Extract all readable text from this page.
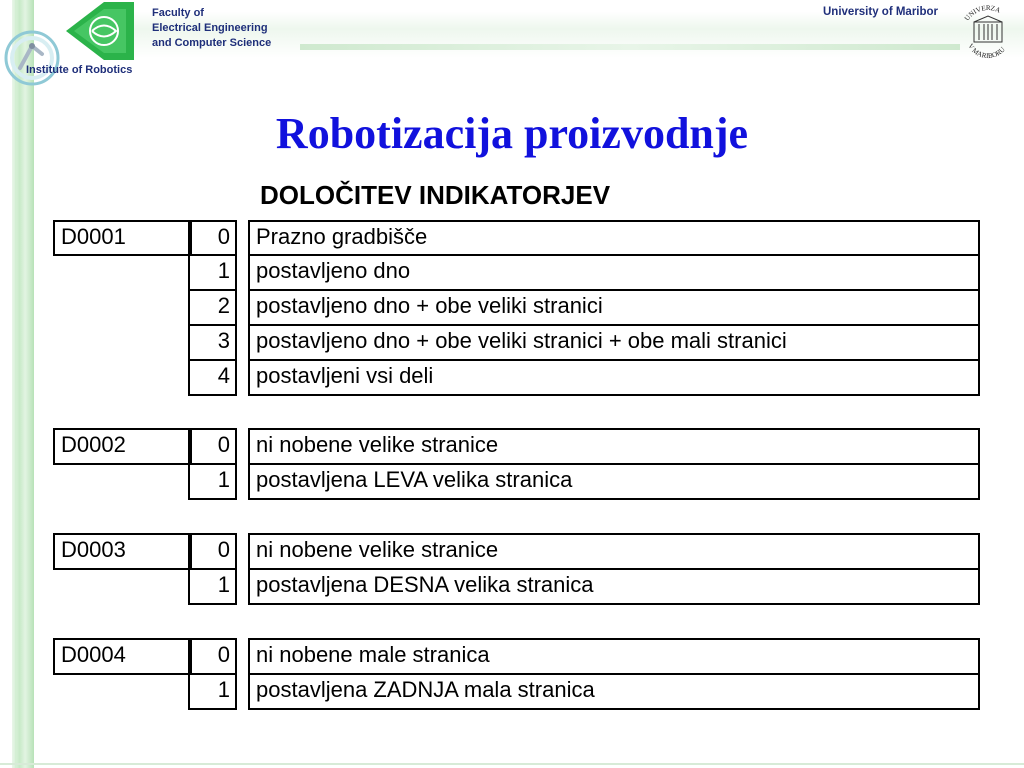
Institute of Robotics
Faculty of
Electrical Engineering
and Computer Science
University of Maribor	UNIVERZA
V MARIBORU
Robotizacija proizvodnje
DOLOČITEV INDIKATORJEV
D0001	0	Prazno gradbišče
1	postavljeno dno
2	postavljeno dno + obe veliki stranici
3	postavljeno dno + obe veliki stranici + obe mali stranici
4	postavljeni vsi deli
D0002	0	ni nobene velike stranice
1	postavljena LEVA velika stranica
D0003	0	ni nobene velike stranice
1	postavljena DESNA velika stranica
D0004	0	ni nobene male stranica
1	postavljena ZADNJA mala stranica
